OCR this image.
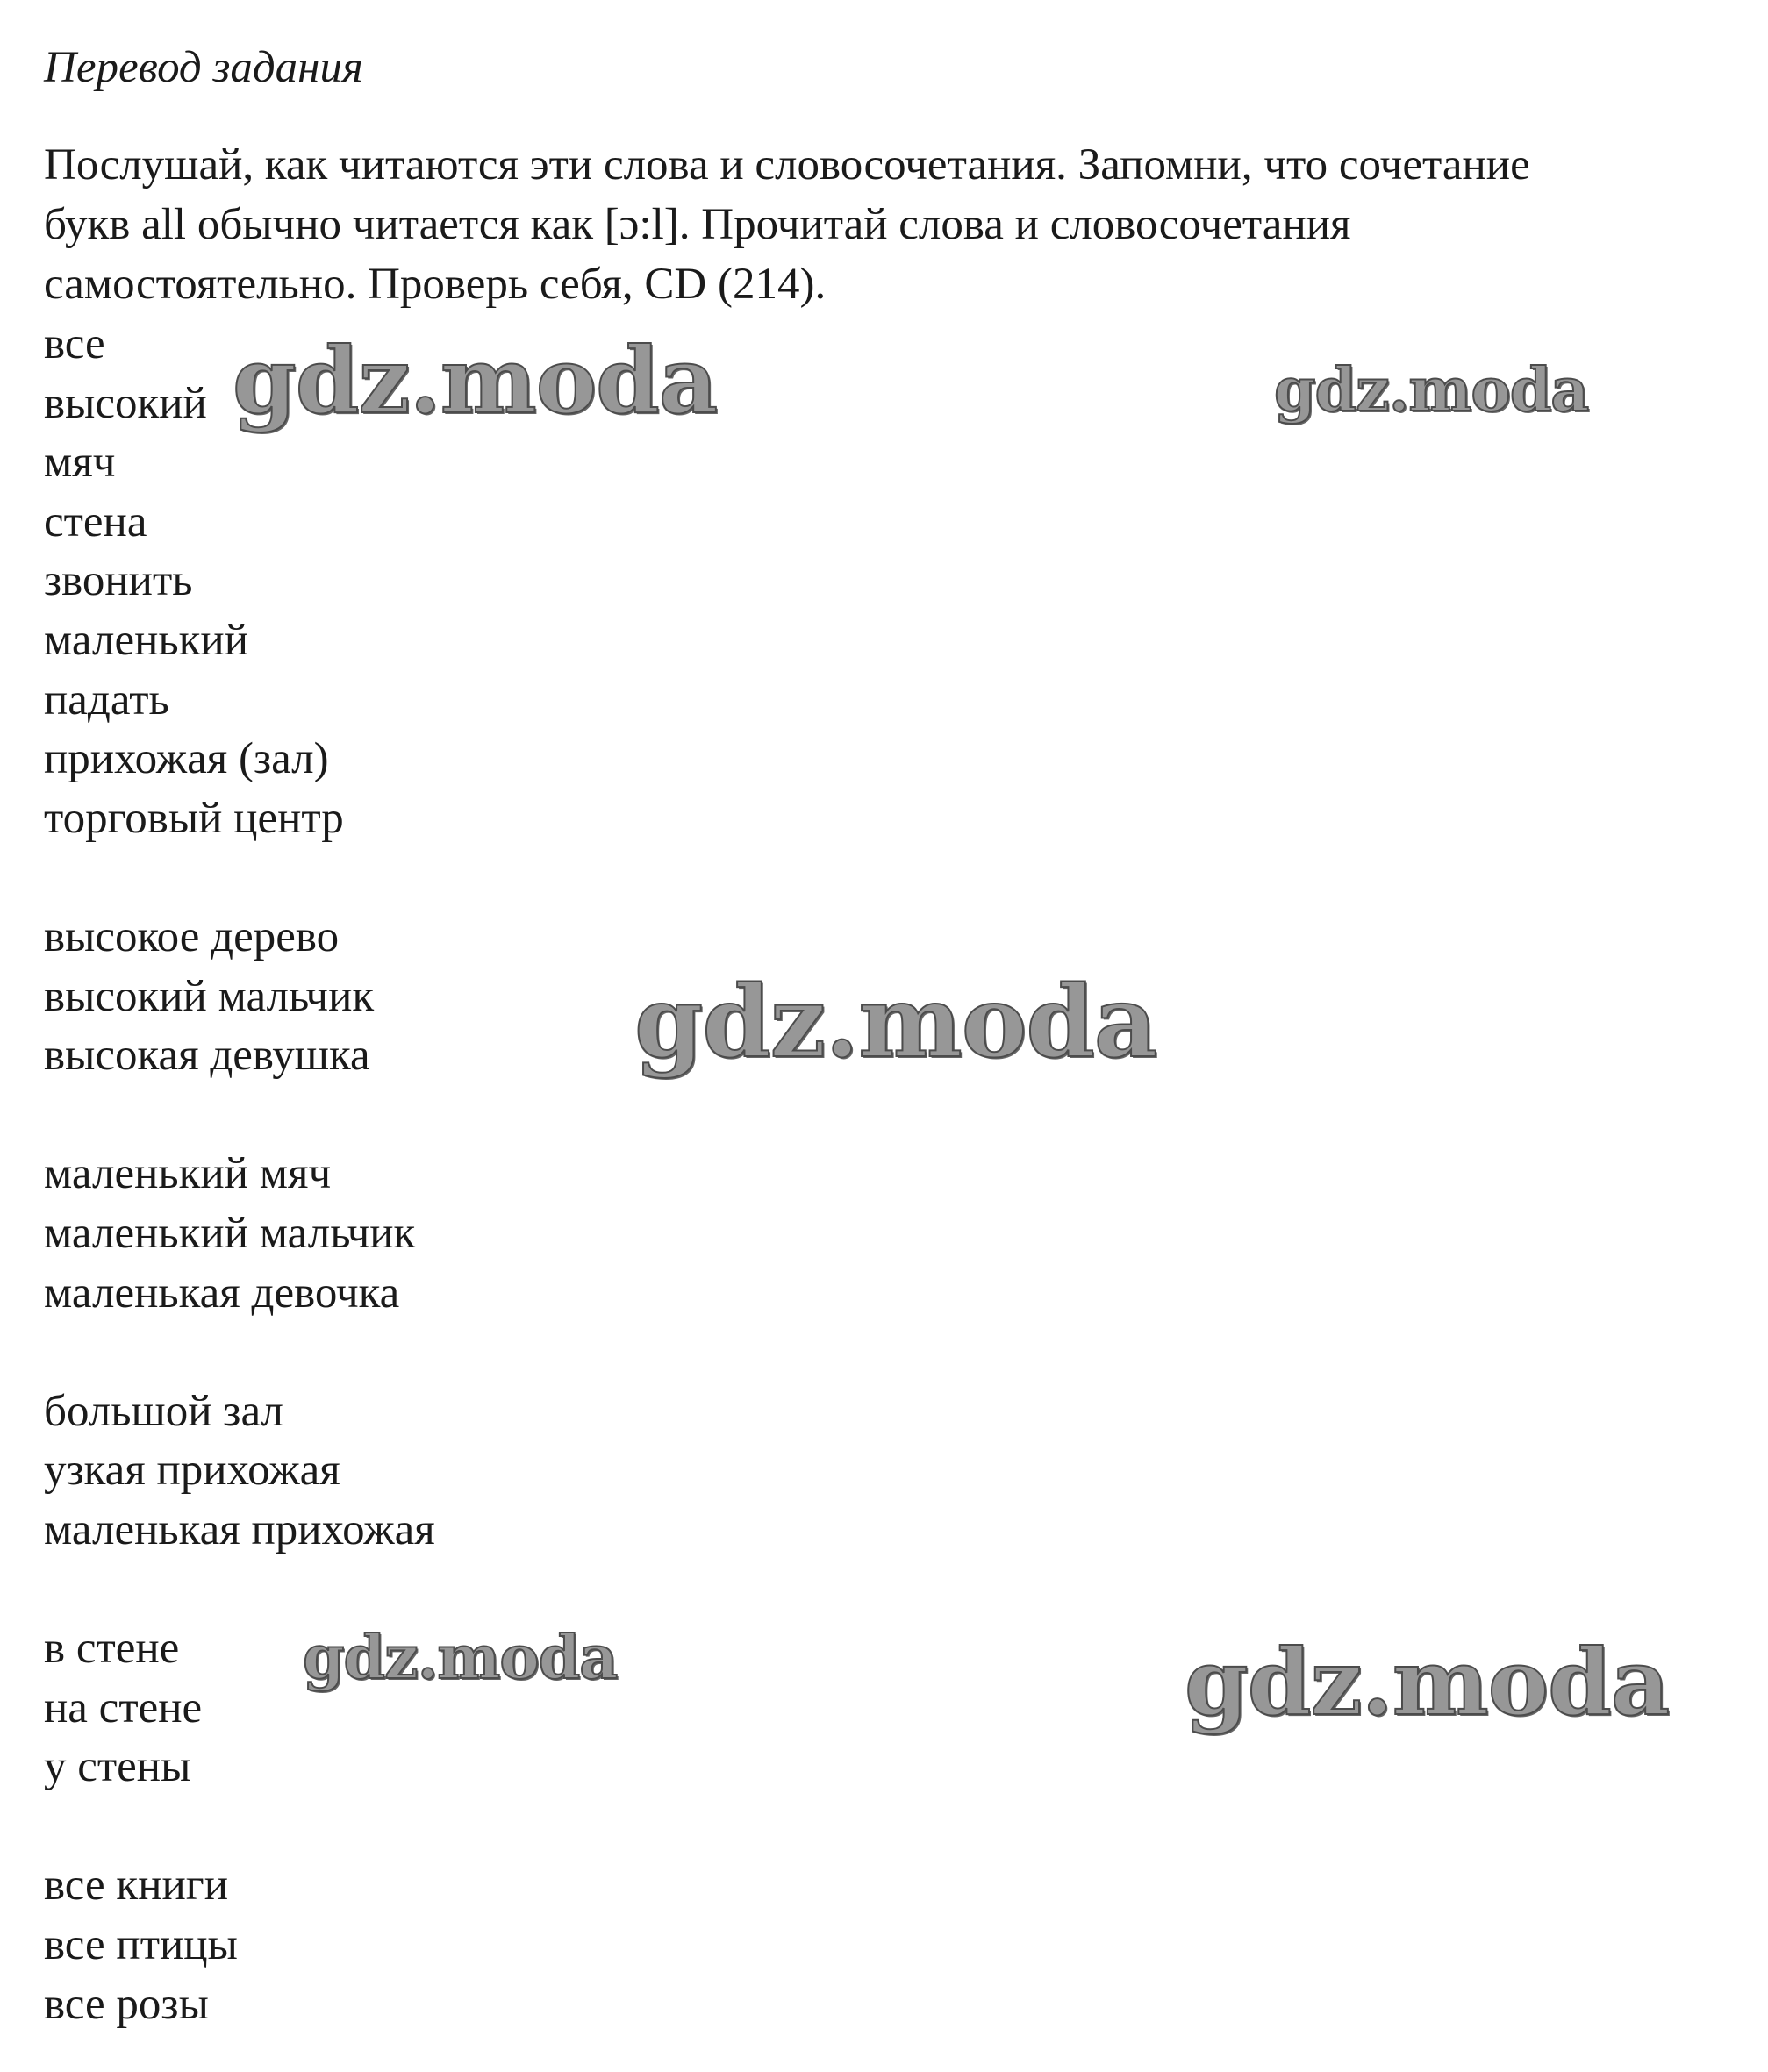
Перевод задания
Послушай, как читаются эти слова и словосочетания. Запомни, что сочетание
букв all обычно читается как [ɔ:l]. Прочитай слова и словосочетания
самостоятельно. Проверь себя, CD (214).
все
высокий
мяч
стена
звонить
маленький
падать
прихожая (зал)
торговый центр
высокое дерево
высокий мальчик
высокая девушка
маленький мяч
маленький мальчик
маленькая девочка
большой зал
узкая прихожая
маленькая прихожая
в стене
на стене
у стены
все книги
все птицы
все розы
gdz.moda	gdz.moda
gdz.moda
gdz.moda	gdz.moda
